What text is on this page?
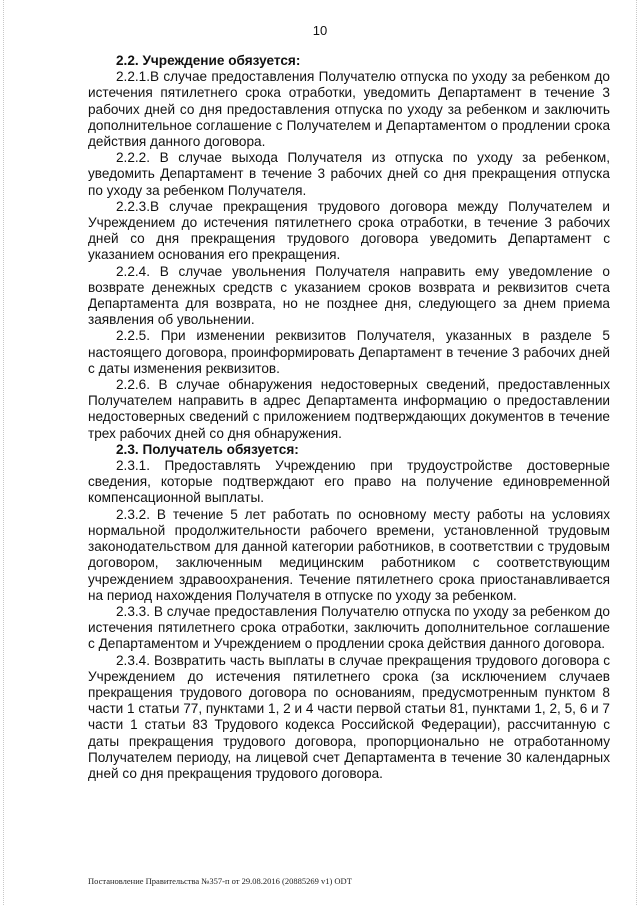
10

2.2. Учреждение обязуется:

2.2.1.В случае предоставления Получателю отпуска по уходу за ребенком до истечения пятилетнего срока отработки, уведомить Департамент в течение 3 рабочих дней со дня предоставления отпуска по уходу за ребенком и заключить дополнительное соглашение с Получателем и Департаментом о продлении срока действия данного договора.

2.2.2. В случае выхода Получателя из отпуска по уходу за ребенком, уведомить Департамент в течение 3 рабочих дней со дня прекращения отпуска по уходу за ребенком Получателя.

2.2.3.В случае прекращения трудового договора между Получателем и Учреждением до истечения пятилетнего срока отработки, в течение 3 рабочих дней со дня прекращения трудового договора уведомить Департамент с указанием основания его прекращения.

2.2.4. В случае увольнения Получателя направить ему уведомление о возврате денежных средств с указанием сроков возврата и реквизитов счета Департамента для возврата, но не позднее дня, следующего за днем приема заявления об увольнении.

2.2.5. При изменении реквизитов Получателя, указанных в разделе 5 настоящего договора, проинформировать Департамент в течение 3 рабочих дней с даты изменения реквизитов.

2.2.6. В случае обнаружения недостоверных сведений, предоставленных Получателем направить в адрес Департамента информацию о предоставлении недостоверных сведений с приложением подтверждающих документов в течение трех рабочих дней со дня обнаружения.

2.3. Получатель обязуется:

2.3.1. Предоставлять Учреждению при трудоустройстве достоверные сведения, которые подтверждают его право на получение единовременной компенсационной выплаты.

2.3.2. В течение 5 лет работать по основному месту работы на условиях нормальной продолжительности рабочего времени, установленной трудовым законодательством для данной категории работников, в соответствии с трудовым договором, заключенным медицинским работником с соответствующим учреждением здравоохранения. Течение пятилетнего срока приостанавливается на период нахождения Получателя в отпуске по уходу за ребенком.

2.3.3. В случае предоставления Получателю отпуска по уходу за ребенком до истечения пятилетнего срока отработки, заключить дополнительное соглашение с Департаментом и Учреждением о продлении срока действия данного договора.

2.3.4. Возвратить часть выплаты в случае прекращения трудового договора с Учреждением до истечения пятилетнего срока (за исключением случаев прекращения трудового договора по основаниям, предусмотренным пунктом 8 части 1 статьи 77, пунктами 1, 2 и 4 части первой статьи 81, пунктами 1, 2, 5, 6 и 7 части 1 статьи 83 Трудового кодекса Российской Федерации), рассчитанную с даты прекращения трудового договора, пропорционально не отработанному Получателем периоду, на лицевой счет Департамента в течение 30 календарных дней со дня прекращения трудового договора.

Постановление Правительства №357-п от 29.08.2016 (20885269 v1) ODT
